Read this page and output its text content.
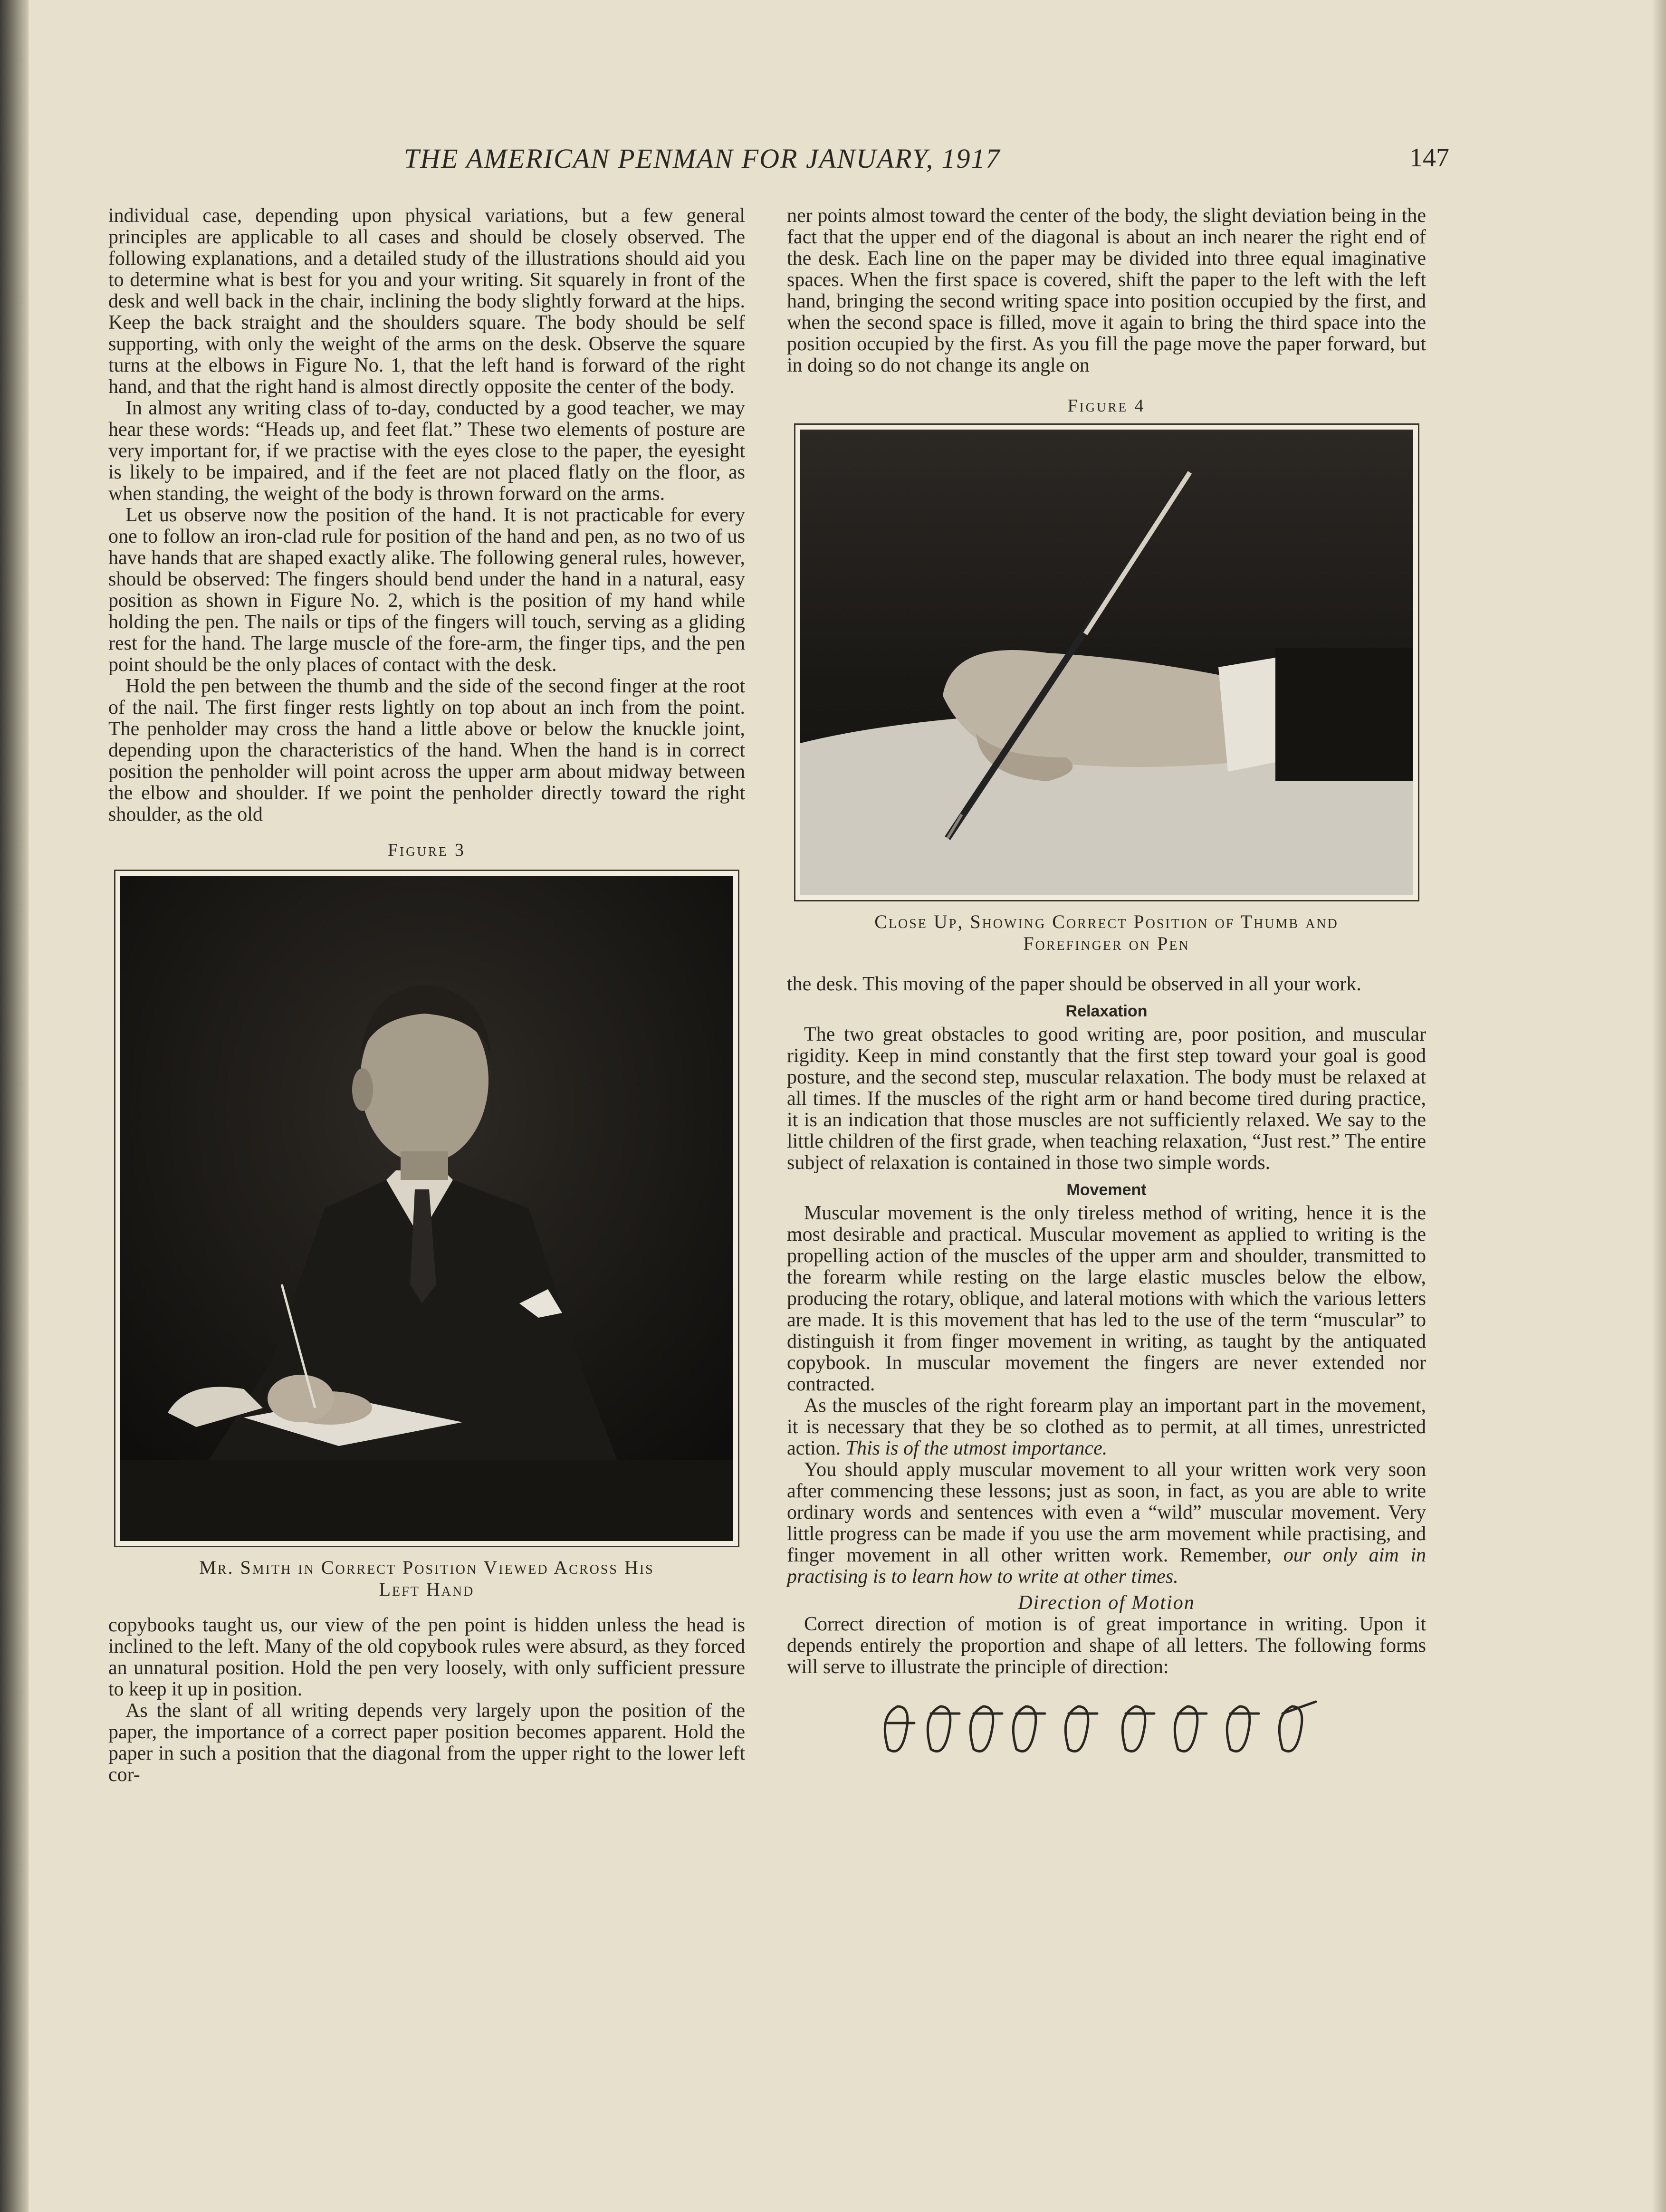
THE AMERICAN PENMAN FOR JANUARY, 1917	147

individual case, depending upon physical variations, but a few general principles are applicable to all cases and should be closely observed. The following explanations, and a detailed study of the illustrations should aid you to determine what is best for you and your writing. Sit squarely in front of the desk and well back in the chair, inclining the body slightly forward at the hips. Keep the back straight and the shoulders square. The body should be self supporting, with only the weight of the arms on the desk. Observe the square turns at the elbows in Figure No. 1, that the left hand is forward of the right hand, and that the right hand is almost directly opposite the center of the body.

In almost any writing class of to-day, conducted by a good teacher, we may hear these words: “Heads up, and feet flat.” These two elements of posture are very important for, if we practise with the eyes close to the paper, the eyesight is likely to be impaired, and if the feet are not placed flatly on the floor, as when standing, the weight of the body is thrown forward on the arms.

Let us observe now the position of the hand. It is not practicable for every one to follow an iron-clad rule for position of the hand and pen, as no two of us have hands that are shaped exactly alike. The following general rules, however, should be observed: The fingers should bend under the hand in a natural, easy position as shown in Figure No. 2, which is the position of my hand while holding the pen. The nails or tips of the fingers will touch, serving as a gliding rest for the hand. The large muscle of the fore-arm, the finger tips, and the pen point should be the only places of contact with the desk.

Hold the pen between the thumb and the side of the second finger at the root of the nail. The first finger rests lightly on top about an inch from the point. The penholder may cross the hand a little above or below the knuckle joint, depending upon the characteristics of the hand. When the hand is in correct position the penholder will point across the upper arm about midway between the elbow and shoulder. If we point the penholder directly toward the right shoulder, as the old

Figure 3

Mr. Smith in Correct Position Viewed Across His
Left Hand

copybooks taught us, our view of the pen point is hidden unless the head is inclined to the left. Many of the old copybook rules were absurd, as they forced an unnatural position. Hold the pen very loosely, with only sufficient pressure to keep it up in position.

As the slant of all writing depends very largely upon the position of the paper, the importance of a correct paper position becomes apparent. Hold the paper in such a position that the diagonal from the upper right to the lower left cor-

ner points almost toward the center of the body, the slight deviation being in the fact that the upper end of the diagonal is about an inch nearer the right end of the desk. Each line on the paper may be divided into three equal imaginative spaces. When the first space is covered, shift the paper to the left with the left hand, bringing the second writing space into position occupied by the first, and when the second space is filled, move it again to bring the third space into the position occupied by the first. As you fill the page move the paper forward, but in doing so do not change its angle on

Figure 4

Close Up, Showing Correct Position of Thumb and
Forefinger on Pen

the desk. This moving of the paper should be observed in all your work.

Relaxation

The two great obstacles to good writing are, poor position, and muscular rigidity. Keep in mind constantly that the first step toward your goal is good posture, and the second step, muscular relaxation. The body must be relaxed at all times. If the muscles of the right arm or hand become tired during practice, it is an indication that those muscles are not sufficiently relaxed. We say to the little children of the first grade, when teaching relaxation, “Just rest.” The entire subject of relaxation is contained in those two simple words.

Movement

Muscular movement is the only tireless method of writing, hence it is the most desirable and practical. Muscular movement as applied to writing is the propelling action of the muscles of the upper arm and shoulder, transmitted to the forearm while resting on the large elastic muscles below the elbow, producing the rotary, oblique, and lateral motions with which the various letters are made. It is this movement that has led to the use of the term “muscular” to distinguish it from finger movement in writing, as taught by the antiquated copybook. In muscular movement the fingers are never extended nor contracted.

As the muscles of the right forearm play an important part in the movement, it is necessary that they be so clothed as to permit, at all times, unrestricted action. This is of the utmost importance.

You should apply muscular movement to all your written work very soon after commencing these lessons; just as soon, in fact, as you are able to write ordinary words and sentences with even a “wild” muscular movement. Very little progress can be made if you use the arm movement while practising, and finger movement in all other written work. Remember, our only aim in practising is to learn how to write at other times.

Direction of Motion

Correct direction of motion is of great importance in writing. Upon it depends entirely the proportion and shape of all letters. The following forms will serve to illustrate the principle of direction:
